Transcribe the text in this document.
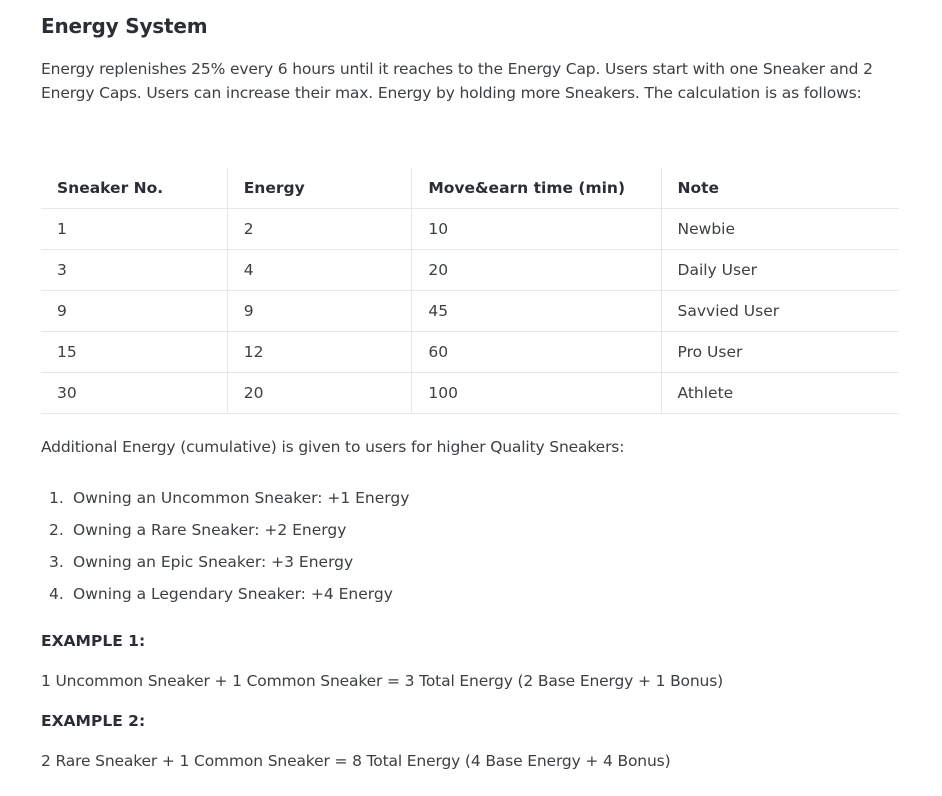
Energy System

Energy replenishes 25% every 6 hours until it reaches to the Energy Cap. Users start with one Sneaker and 2 Energy Caps. Users can increase their max. Energy by holding more Sneakers. The calculation is as follows:

Sneaker No.	Energy	Move&earn time (min)	Note
1	2	10	Newbie
3	4	20	Daily User
9	9	45	Savvied User
15	12	60	Pro User
30	20	100	Athlete

Additional Energy (cumulative) is given to users for higher Quality Sneakers:

1. Owning an Uncommon Sneaker: +1 Energy
2. Owning a Rare Sneaker: +2 Energy
3. Owning an Epic Sneaker: +3 Energy
4. Owning a Legendary Sneaker: +4 Energy

EXAMPLE 1:

1 Uncommon Sneaker + 1 Common Sneaker = 3 Total Energy (2 Base Energy + 1 Bonus)

EXAMPLE 2:

2 Rare Sneaker + 1 Common Sneaker = 8 Total Energy (4 Base Energy + 4 Bonus)
